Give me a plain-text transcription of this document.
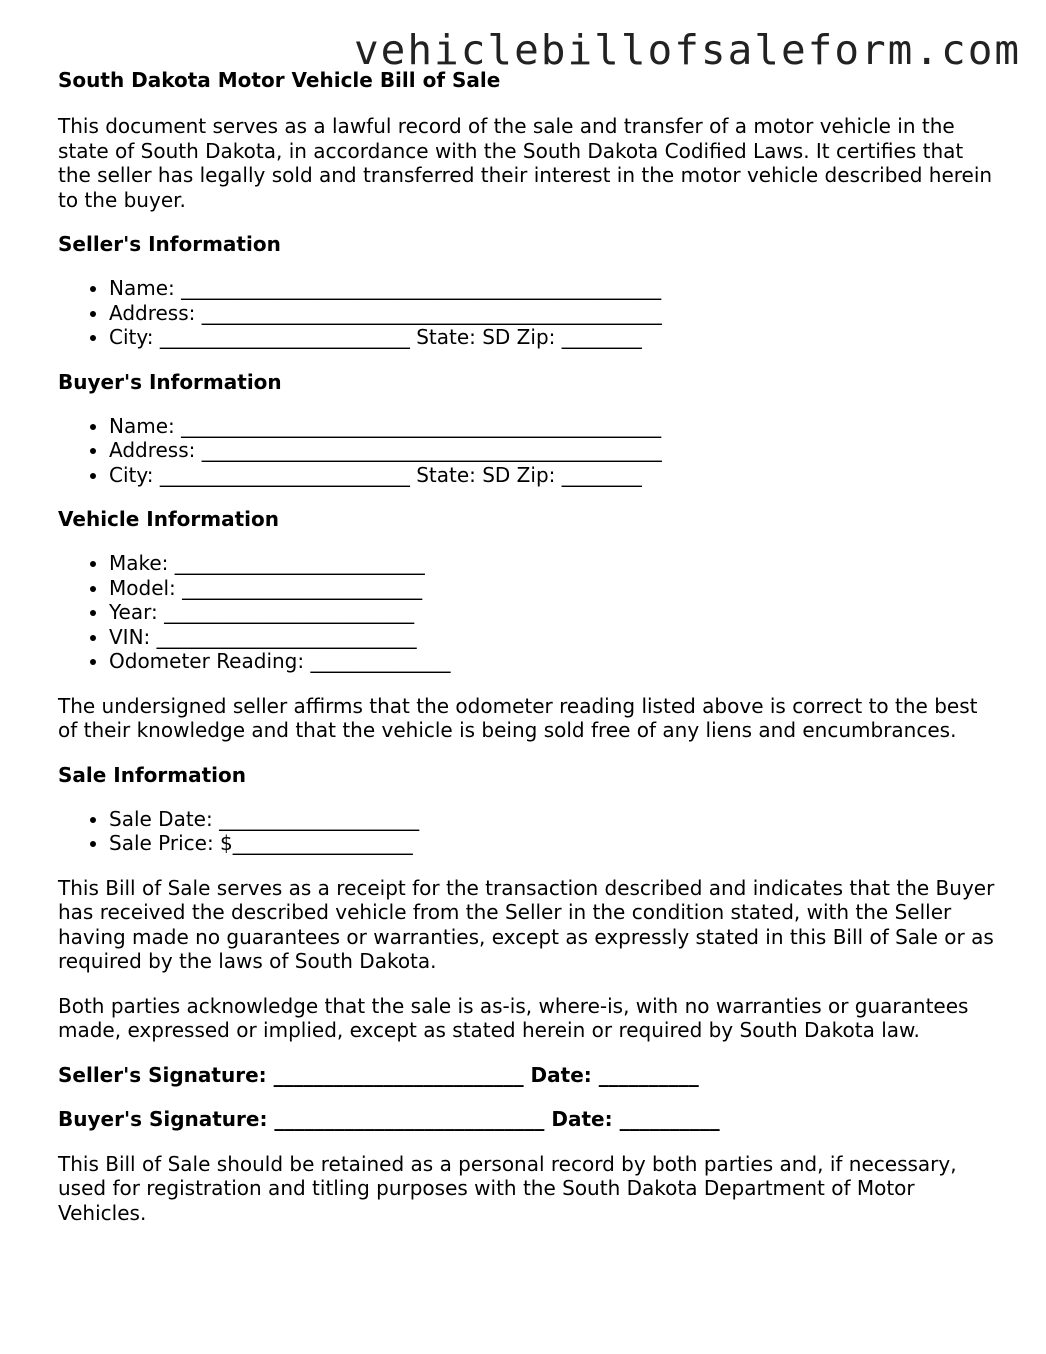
vehiclebillofsaleform.com
South Dakota Motor Vehicle Bill of Sale

This document serves as a lawful record of the sale and transfer of a motor vehicle in the state of South Dakota, in accordance with the South Dakota Codified Laws. It certifies that the seller has legally sold and transferred their interest in the motor vehicle described herein to the buyer.

Seller's Information
• Name: ________________________________________________
• Address: ______________________________________________
• City: _________________________ State: SD Zip: ________
Buyer's Information
• Name: ________________________________________________
• Address: ______________________________________________
• City: _________________________ State: SD Zip: ________
Vehicle Information
• Make: _________________________
• Model: ________________________
• Year: _________________________
• VIN: __________________________
• Odometer Reading: ______________

The undersigned seller affirms that the odometer reading listed above is correct to the best of their knowledge and that the vehicle is being sold free of any liens and encumbrances.

Sale Information
• Sale Date: ____________________
• Sale Price: $__________________

This Bill of Sale serves as a receipt for the transaction described and indicates that the Buyer has received the described vehicle from the Seller in the condition stated, with the Seller having made no guarantees or warranties, except as expressly stated in this Bill of Sale or as required by the laws of South Dakota.

Both parties acknowledge that the sale is as-is, where-is, with no warranties or guarantees made, expressed or implied, except as stated herein or required by South Dakota law.

Seller's Signature: _________________________ Date: __________

Buyer's Signature: ___________________________ Date: __________

This Bill of Sale should be retained as a personal record by both parties and, if necessary, used for registration and titling purposes with the South Dakota Department of Motor Vehicles.
